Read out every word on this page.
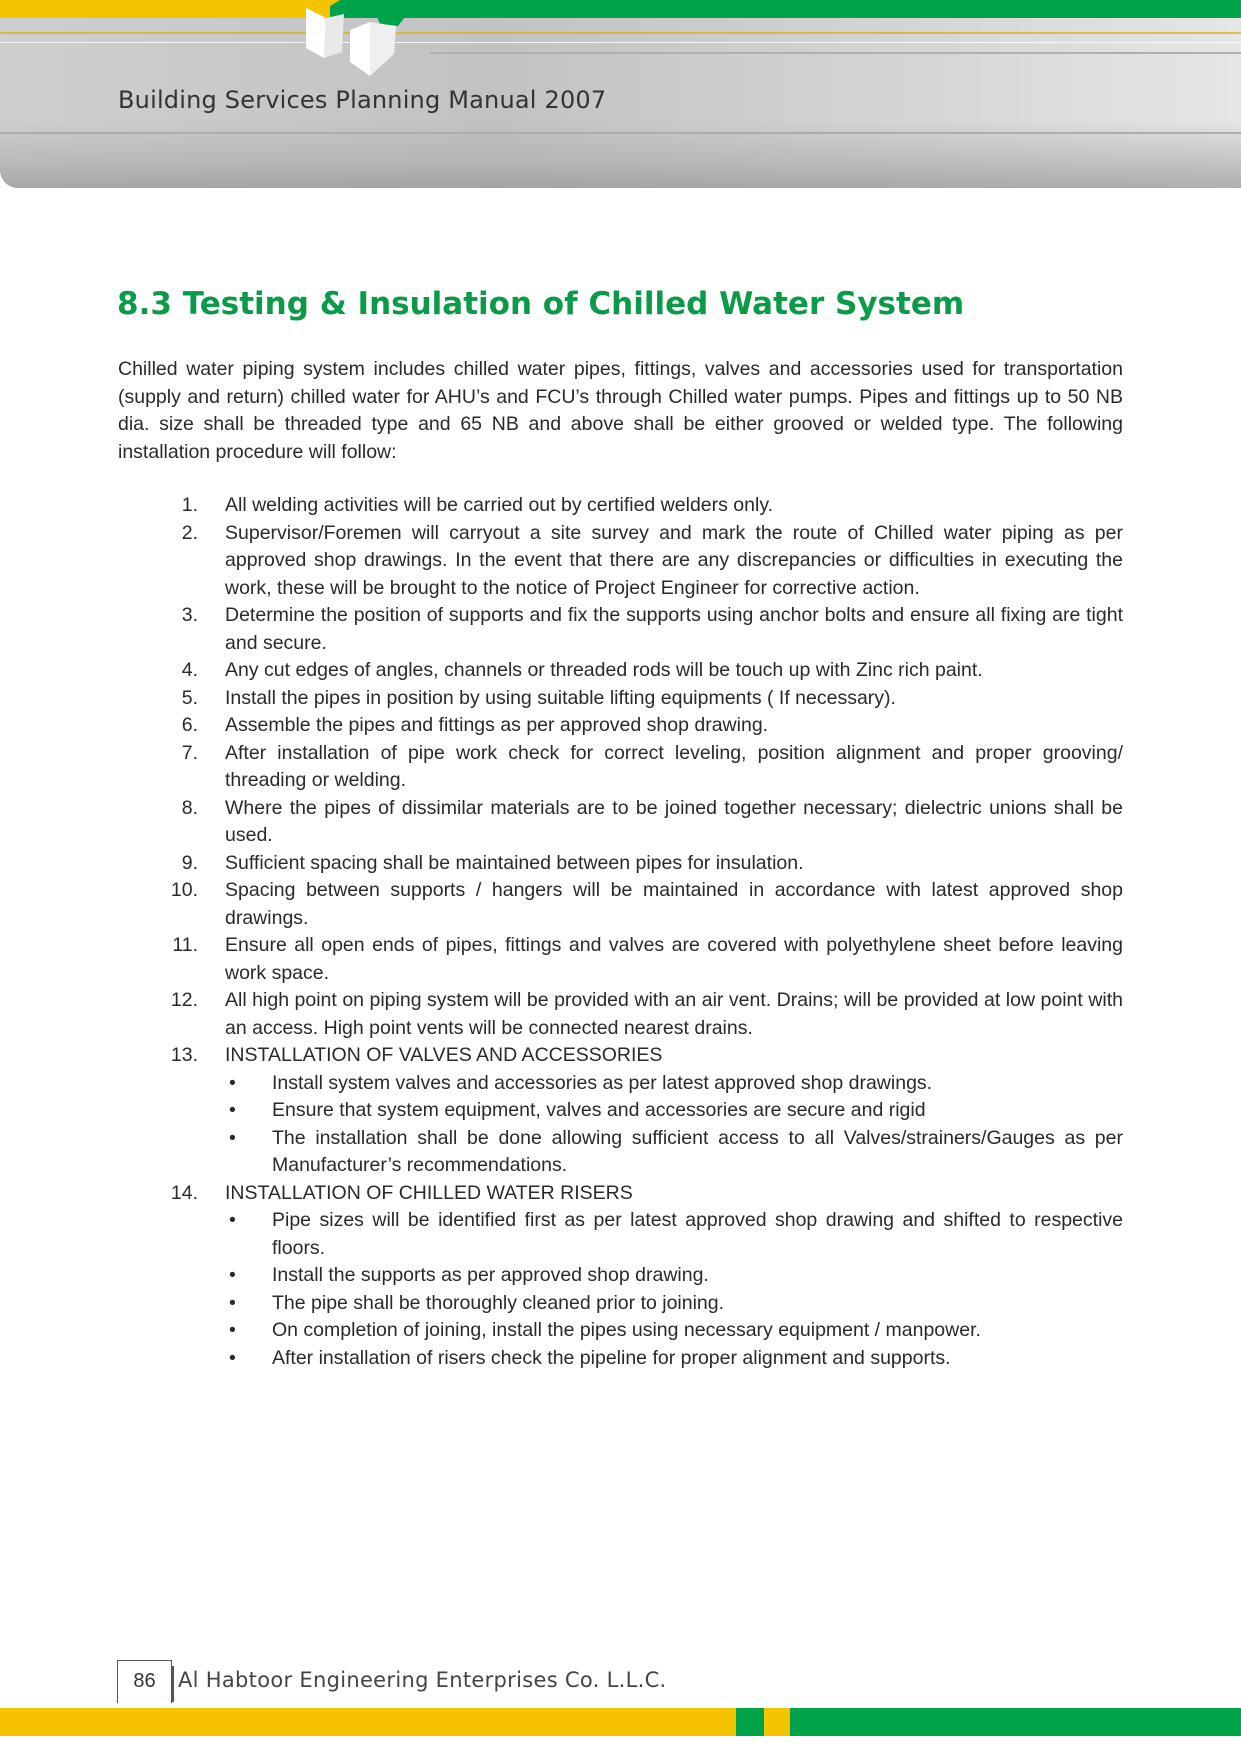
Building Services Planning Manual 2007
8.3 Testing & Insulation of Chilled Water System

Chilled water piping system includes chilled water pipes, fittings, valves and accessories used for transportation (supply and return) chilled water for AHU’s and FCU’s through Chilled water pumps. Pipes and fittings up to 50 NB dia. size shall be threaded type and 65 NB and above shall be either grooved or welded type. The following installation procedure will follow:

1. All welding activities will be carried out by certified welders only.
2. Supervisor/Foremen will carryout a site survey and mark the route of Chilled water piping as per approved shop drawings. In the event that there are any discrepancies or difficulties in executing the work, these will be brought to the notice of Project Engineer for corrective action.
3. Determine the position of supports and fix the supports using anchor bolts and ensure all fixing are tight and secure.
4. Any cut edges of angles, channels or threaded rods will be touch up with Zinc rich paint.
5. Install the pipes in position by using suitable lifting equipments ( If necessary).
6. Assemble the pipes and fittings as per approved shop drawing.
7. After installation of pipe work check for correct leveling, position alignment and proper grooving/ threading or welding.
8. Where the pipes of dissimilar materials are to be joined together necessary; dielectric unions shall be used.
9. Sufficient spacing shall be maintained between pipes for insulation.
10. Spacing between supports / hangers will be maintained in accordance with latest approved shop drawings.
11. Ensure all open ends of pipes, fittings and valves are covered with polyethylene sheet before leaving work space.
12. All high point on piping system will be provided with an air vent. Drains; will be provided at low point with an access. High point vents will be connected nearest drains.
13. INSTALLATION OF VALVES AND ACCESSORIES
• Install system valves and accessories as per latest approved shop drawings.
• Ensure that system equipment, valves and accessories are secure and rigid
• The installation shall be done allowing sufficient access to all Valves/strainers/Gauges as per Manufacturer’s recommendations.
14. INSTALLATION OF CHILLED WATER RISERS
• Pipe sizes will be identified first as per latest approved shop drawing and shifted to respective floors.
• Install the supports as per approved shop drawing.
• The pipe shall be thoroughly cleaned prior to joining.
• On completion of joining, install the pipes using necessary equipment / manpower.
• After installation of risers check the pipeline for proper alignment and supports.
86	Al Habtoor Engineering Enterprises Co. L.L.C.
